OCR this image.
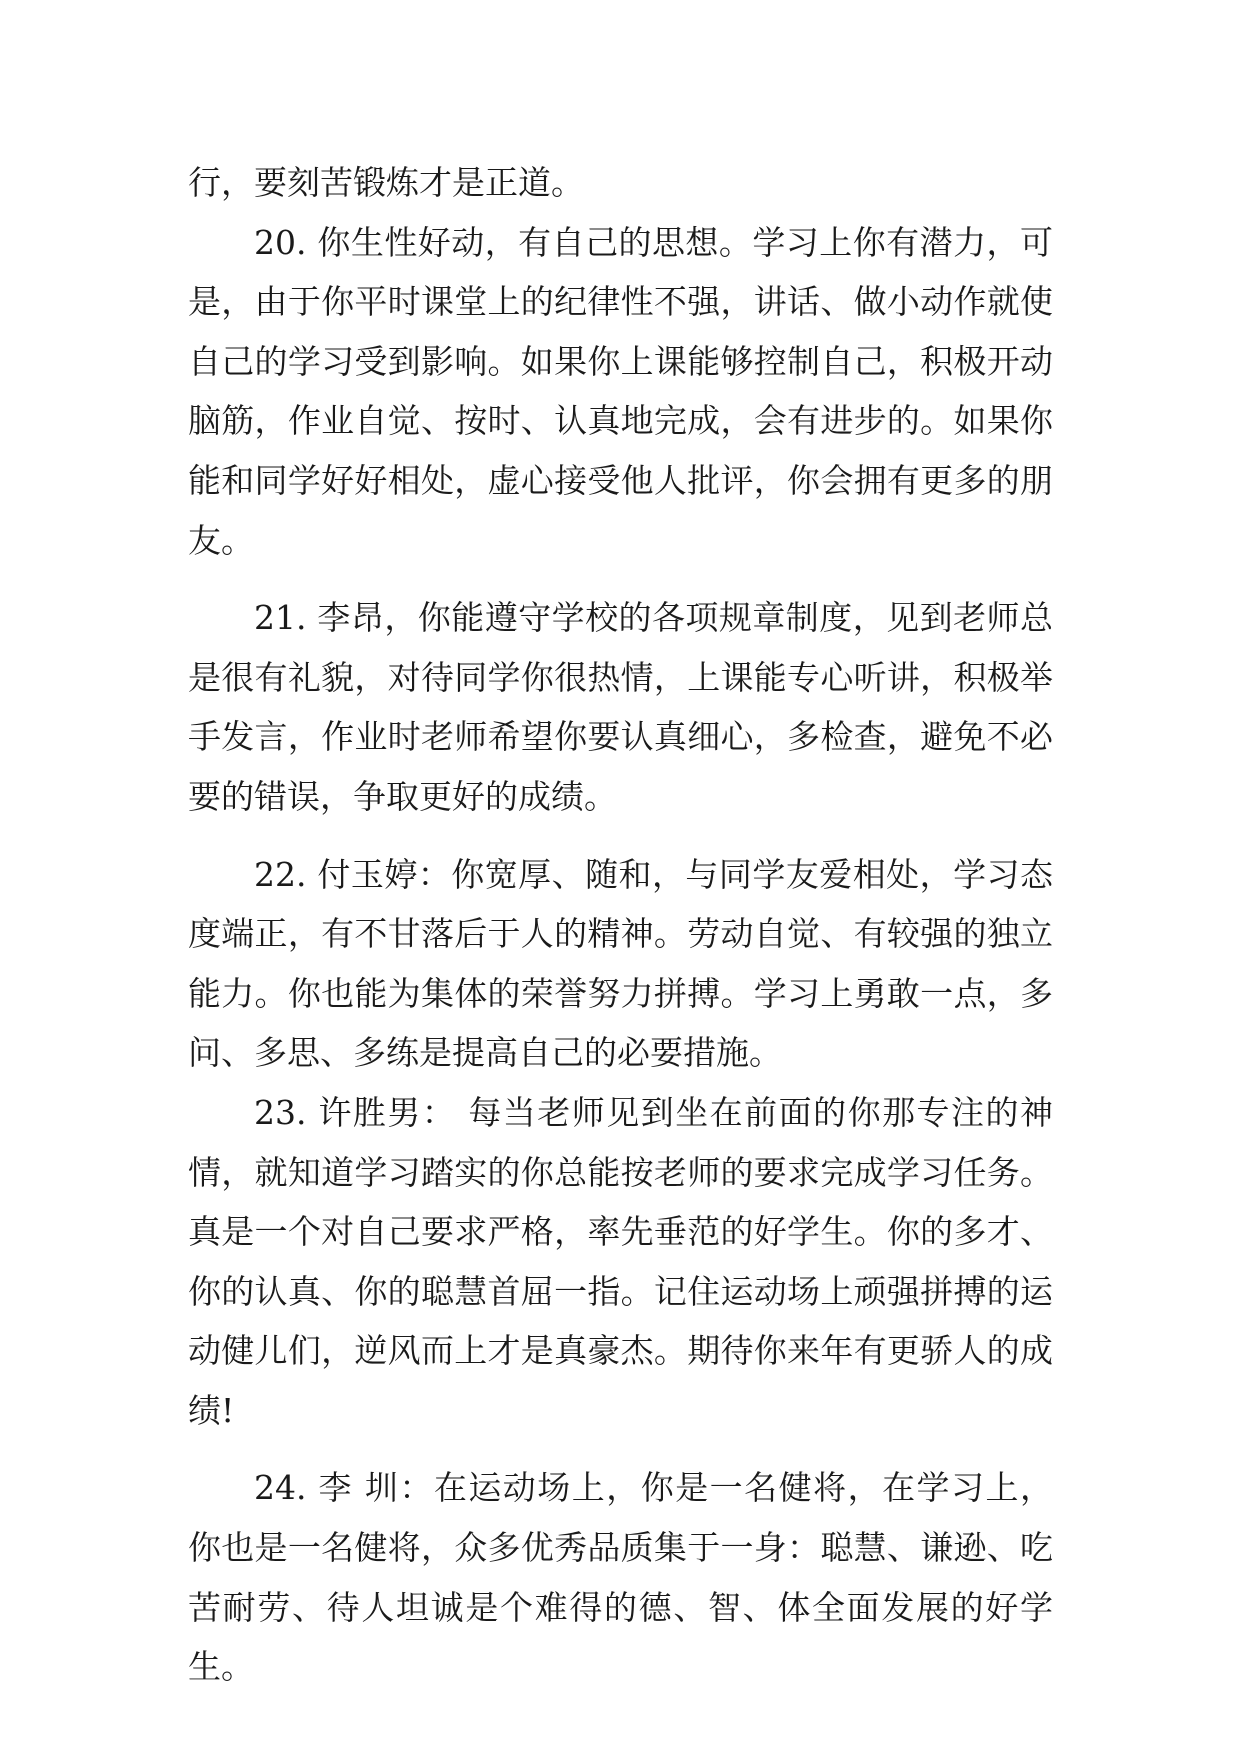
行，要刻苦锻炼才是正道。

20. 你生性好动，有自己的思想。学习上你有潜力，可是，由于你平时课堂上的纪律性不强，讲话、做小动作就使自己的学习受到影响。如果你上课能够控制自己，积极开动脑筋，作业自觉、按时、认真地完成，会有进步的。如果你能和同学好好相处，虚心接受他人批评，你会拥有更多的朋友。

21. 李昂，你能遵守学校的各项规章制度，见到老师总是很有礼貌，对待同学你很热情，上课能专心听讲，积极举手发言，作业时老师希望你要认真细心，多检查，避免不必要的错误，争取更好的成绩。

22. 付玉婷：你宽厚、随和，与同学友爱相处，学习态度端正，有不甘落后于人的精神。劳动自觉、有较强的独立能力。你也能为集体的荣誉努力拼搏。学习上勇敢一点，多问、多思、多练是提高自己的必要措施。

23. 许胜男： 每当老师见到坐在前面的你那专注的神情，就知道学习踏实的你总能按老师的要求完成学习任务。真是一个对自己要求严格，率先垂范的好学生。你的多才、你的认真、你的聪慧首屈一指。记住运动场上顽强拼搏的运动健儿们，逆风而上才是真豪杰。期待你来年有更骄人的成绩!

24. 李 圳：在运动场上，你是一名健将，在学习上，你也是一名健将，众多优秀品质集于一身：聪慧、谦逊、吃苦耐劳、待人坦诚是个难得的德、智、体全面发展的好学生。
